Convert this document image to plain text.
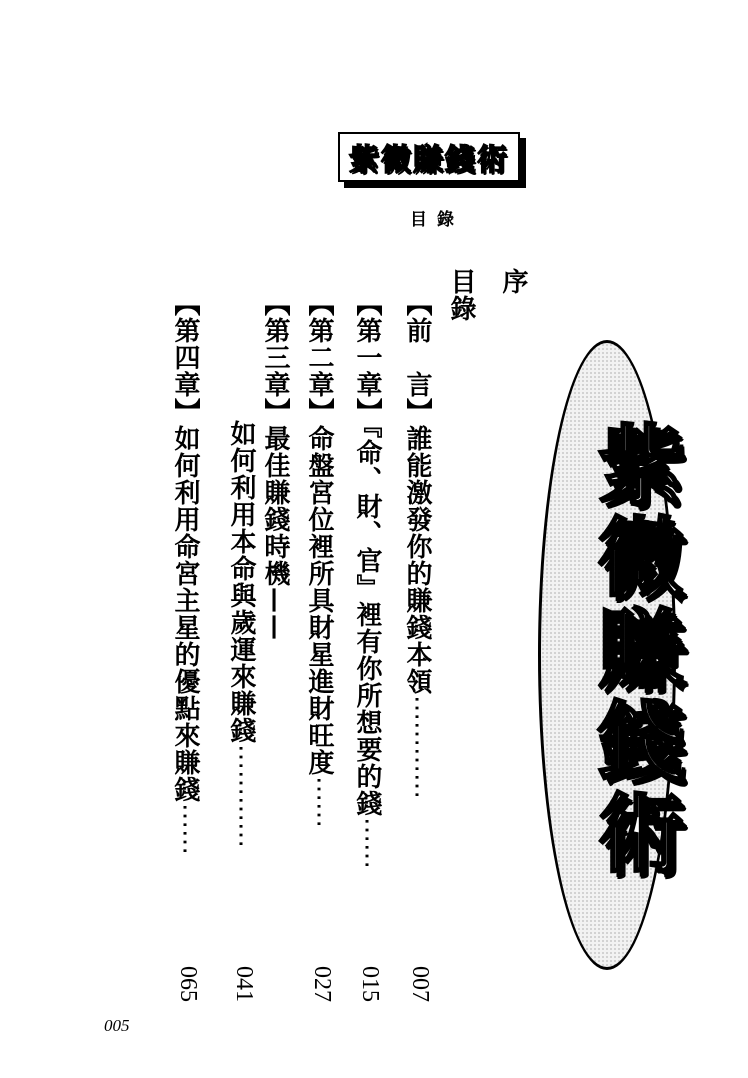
紫微賺錢術
目錄
紫微賺錢術
序
目錄
【前　言】誰能激發你的賺錢本領⋯⋯⋯⋯
007
【第一章】『命、財、官』裡有你所想要的錢⋯⋯
015
【第二章】命盤宮位裡所具財星進財旺度⋯⋯
027
【第三章】最佳賺錢時機——
如何利用本命與歲運來賺錢⋯⋯⋯⋯
041
【第四章】如何利用命宮主星的優點來賺錢⋯⋯
065
005
